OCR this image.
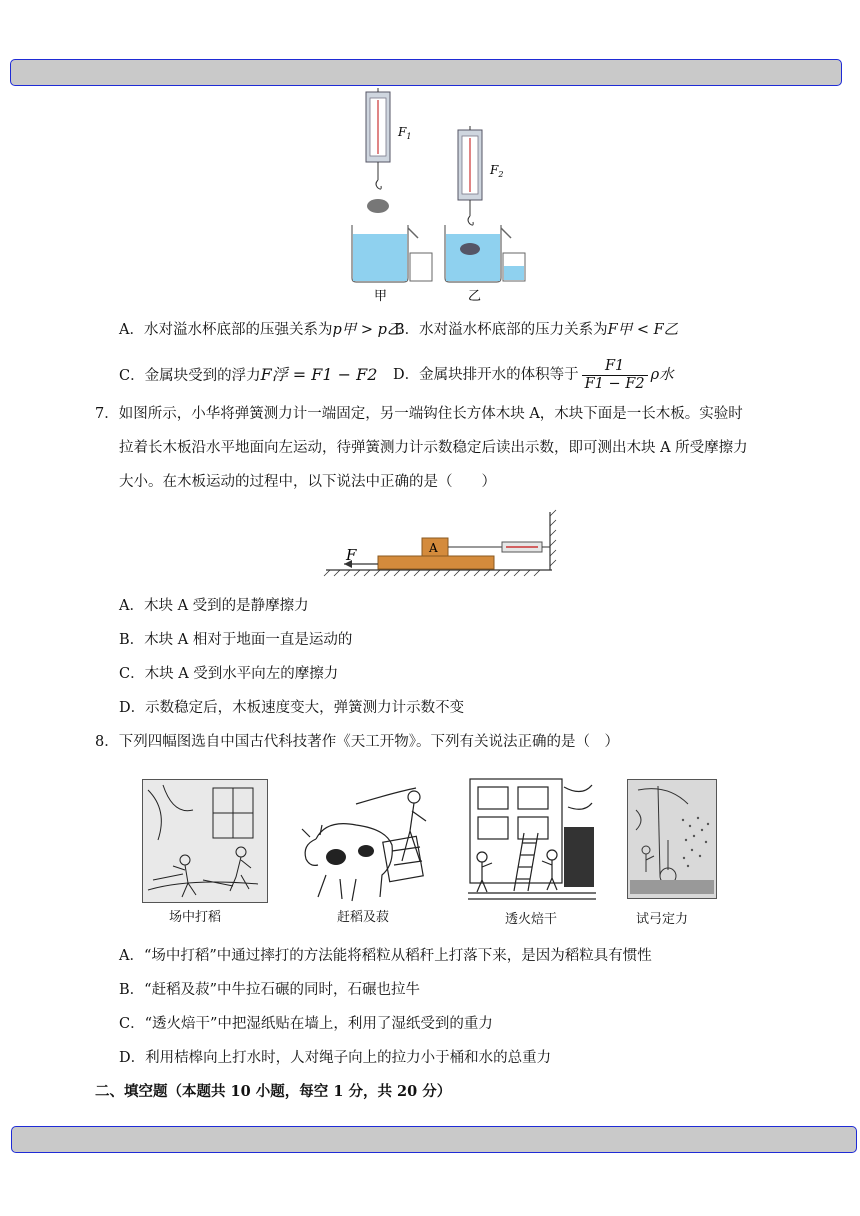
$F_1$
$F_2$
甲	乙
A．水对溢水杯底部的压强关系为p甲 > p乙
B．水对溢水杯底部的压力关系为F甲 < F乙
C．金属块受到的浮力F浮 = F1 − F2 D．金属块排开水的体积等于 $\frac{F1}{F1 - F2}$ ρ水
7．如图所示，小华将弹簧测力计一端固定，另一端钩住长方体木块 A，木块下面是一长木板。实验时
拉着长木板沿水平地面向左运动，待弹簧测力计示数稳定后读出示数，即可测出木块 A 所受摩擦力
大小。在木板运动的过程中，以下说法中正确的是（　　）
A
F
A．木块 A 受到的是静摩擦力
B．木块 A 相对于地面一直是运动的
C．木块 A 受到水平向左的摩擦力
D．示数稳定后，木板速度变大，弹簧测力计示数不变
8．下列四幅图选自中国古代科技著作《天工开物》。下列有关说法正确的是（　）
场中打稻	赶稻及菽	透火焙干	试弓定力
A．“场中打稻”中通过摔打的方法能将稻粒从稻秆上打落下来，是因为稻粒具有惯性
B．“赶稻及菽”中牛拉石碾的同时，石碾也拉牛
C．“透火焙干”中把湿纸贴在墙上，利用了湿纸受到的重力
D．利用桔槔向上打水时，人对绳子向上的拉力小于桶和水的总重力
二、填空题（本题共 10 小题，每空 1 分，共 20 分）
